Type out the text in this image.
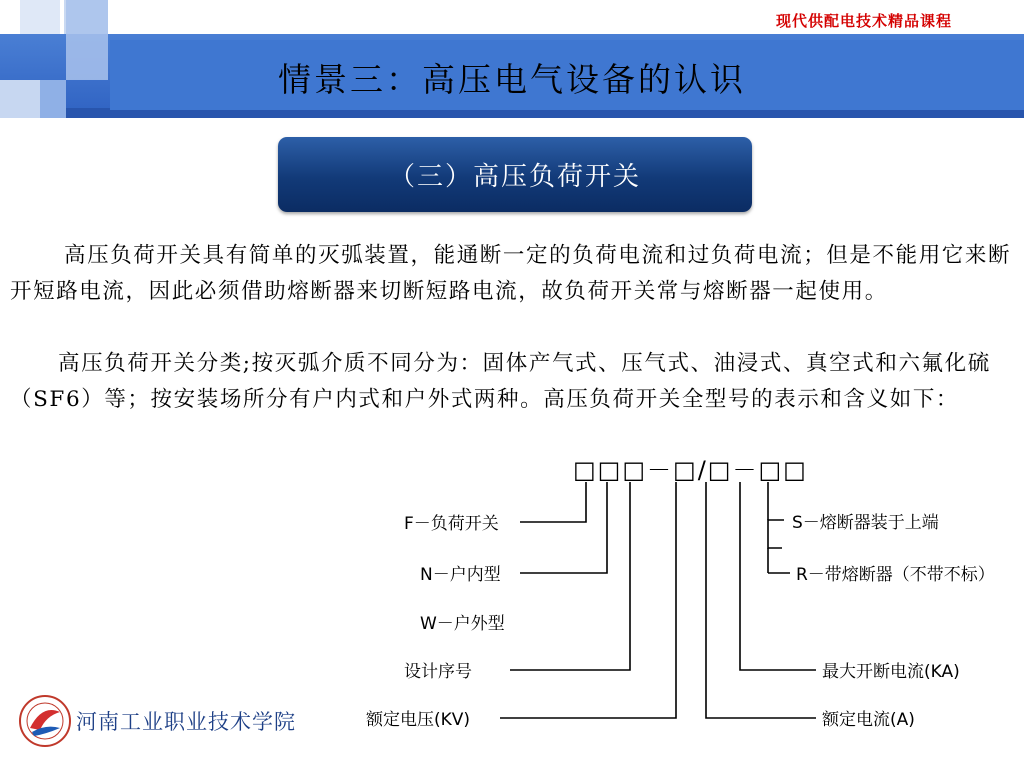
现代供配电技术精品课程
情景三：高压电气设备的认识
（三）高压负荷开关
高压负荷开关具有简单的灭弧装置，能通断一定的负荷电流和过负荷电流；但是不能用它来断开短路电流，因此必须借助熔断器来切断短路电流，故负荷开关常与熔断器一起使用。
高压负荷开关分类;按灭弧介质不同分为：固体产气式、压气式、油浸式、真空式和六氟化硫（SF6）等；按安装场所分有户内式和户外式两种。高压负荷开关全型号的表示和含义如下：
□□□－□/□－□□
F－负荷开关
N－户内型
W－户外型
设计序号
额定电压(KV)
S－熔断器装于上端
R－带熔断器（不带不标）
最大开断电流(KA)
额定电流(A)
河南工业职业技术学院
